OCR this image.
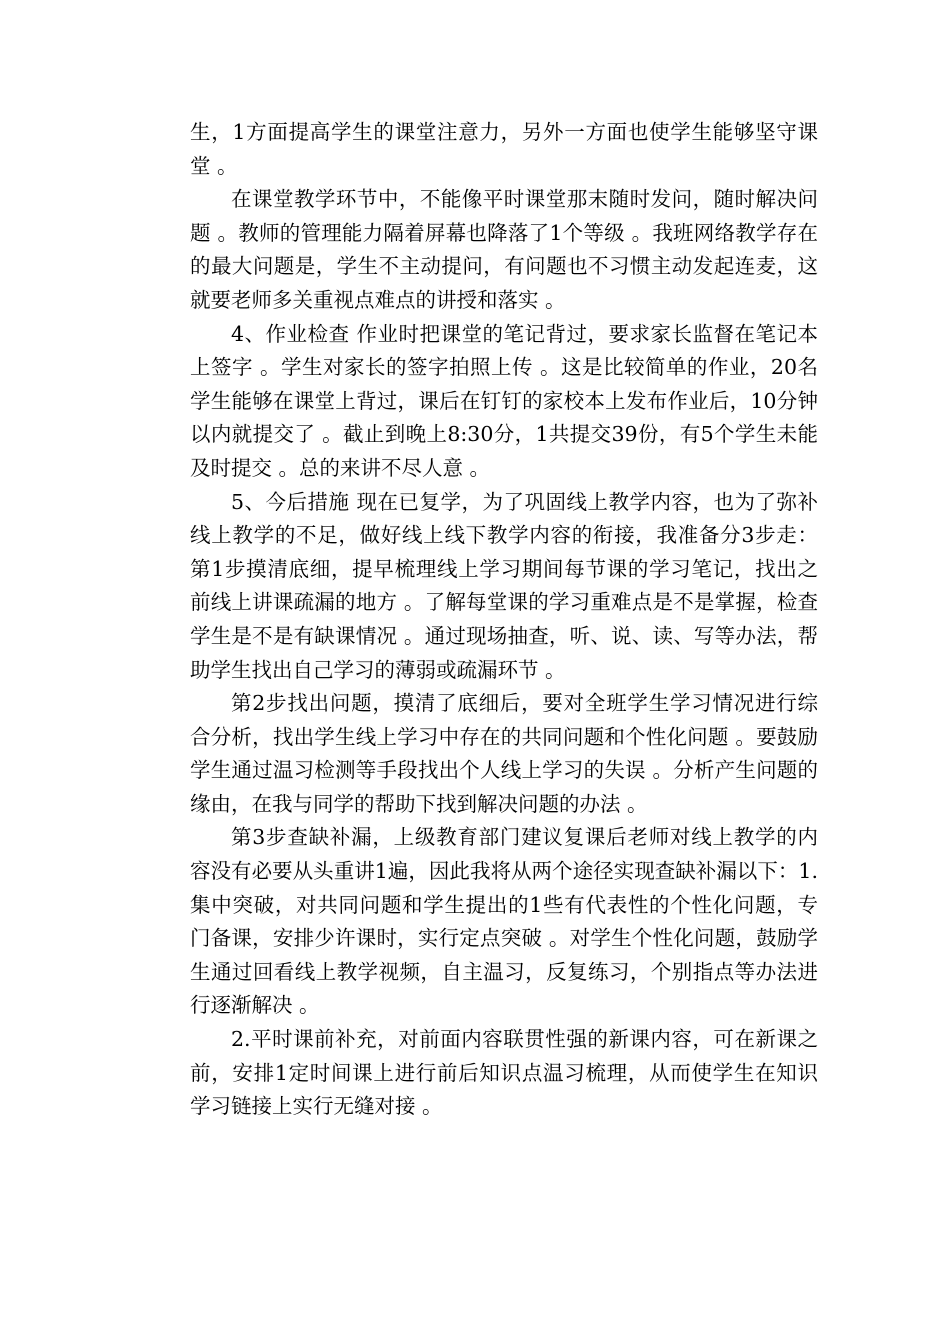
生，1方面提高学生的课堂注意力，另外一方面也使学生能够坚守课堂 。

在课堂教学环节中，不能像平时课堂那末随时发问，随时解决问题 。教师的管理能力隔着屏幕也降落了1个等级 。我班网络教学存在的最大问题是，学生不主动提问，有问题也不习惯主动发起连麦，这就要老师多关重视点难点的讲授和落实 。

4、作业检查 作业时把课堂的笔记背过，要求家长监督在笔记本上签字 。学生对家长的签字拍照上传 。这是比较简单的作业，20名学生能够在课堂上背过，课后在钉钉的家校本上发布作业后，10分钟以内就提交了 。截止到晚上8:30分，1共提交39份，有5个学生未能及时提交 。总的来讲不尽人意 。

5、今后措施 现在已复学，为了巩固线上教学内容，也为了弥补线上教学的不足，做好线上线下教学内容的衔接，我准备分3步走：第1步摸清底细，提早梳理线上学习期间每节课的学习笔记，找出之前线上讲课疏漏的地方 。了解每堂课的学习重难点是不是掌握，检查学生是不是有缺课情况 。通过现场抽查，听、说、读、写等办法，帮助学生找出自己学习的薄弱或疏漏环节 。

第2步找出问题，摸清了底细后，要对全班学生学习情况进行综合分析，找出学生线上学习中存在的共同问题和个性化问题 。要鼓励学生通过温习检测等手段找出个人线上学习的失误 。分析产生问题的缘由，在我与同学的帮助下找到解决问题的办法 。

第3步查缺补漏，上级教育部门建议复课后老师对线上教学的内容没有必要从头重讲1遍，因此我将从两个途径实现查缺补漏以下：1.集中突破，对共同问题和学生提出的1些有代表性的个性化问题，专门备课，安排少许课时，实行定点突破 。对学生个性化问题，鼓励学生通过回看线上教学视频，自主温习，反复练习，个别指点等办法进行逐渐解决 。

2.平时课前补充，对前面内容联贯性强的新课内容，可在新课之前，安排1定时间课上进行前后知识点温习梳理，从而使学生在知识学习链接上实行无缝对接 。
